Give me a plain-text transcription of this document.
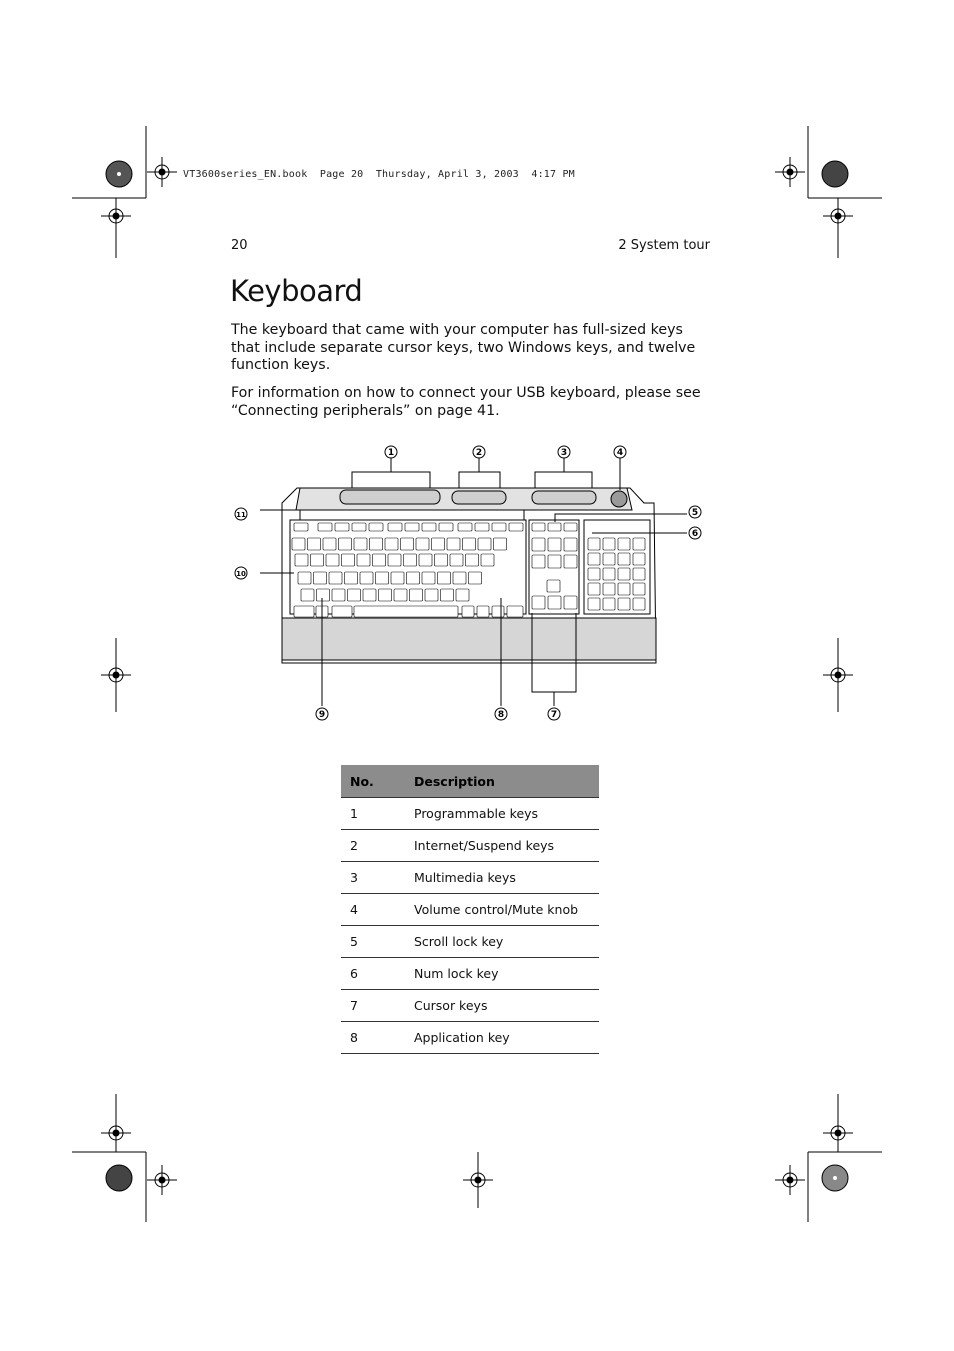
VT3600series_EN.book  Page 20  Thursday, April 3, 2003  4:17 PM
20	2 System tour
Keyboard

The keyboard that came with your computer has full-sized keys that include separate cursor keys, two Windows keys, and twelve function keys.

For information on how to connect your USB keyboard, please see “Connecting peripherals” on page 41.

1	2	3	4
5
6
7
8
9
10
11
No.	Description
1	Programmable keys
2	Internet/Suspend keys
3	Multimedia keys
4	Volume control/Mute knob
5	Scroll lock key
6	Num lock key
7	Cursor keys
8	Application key
